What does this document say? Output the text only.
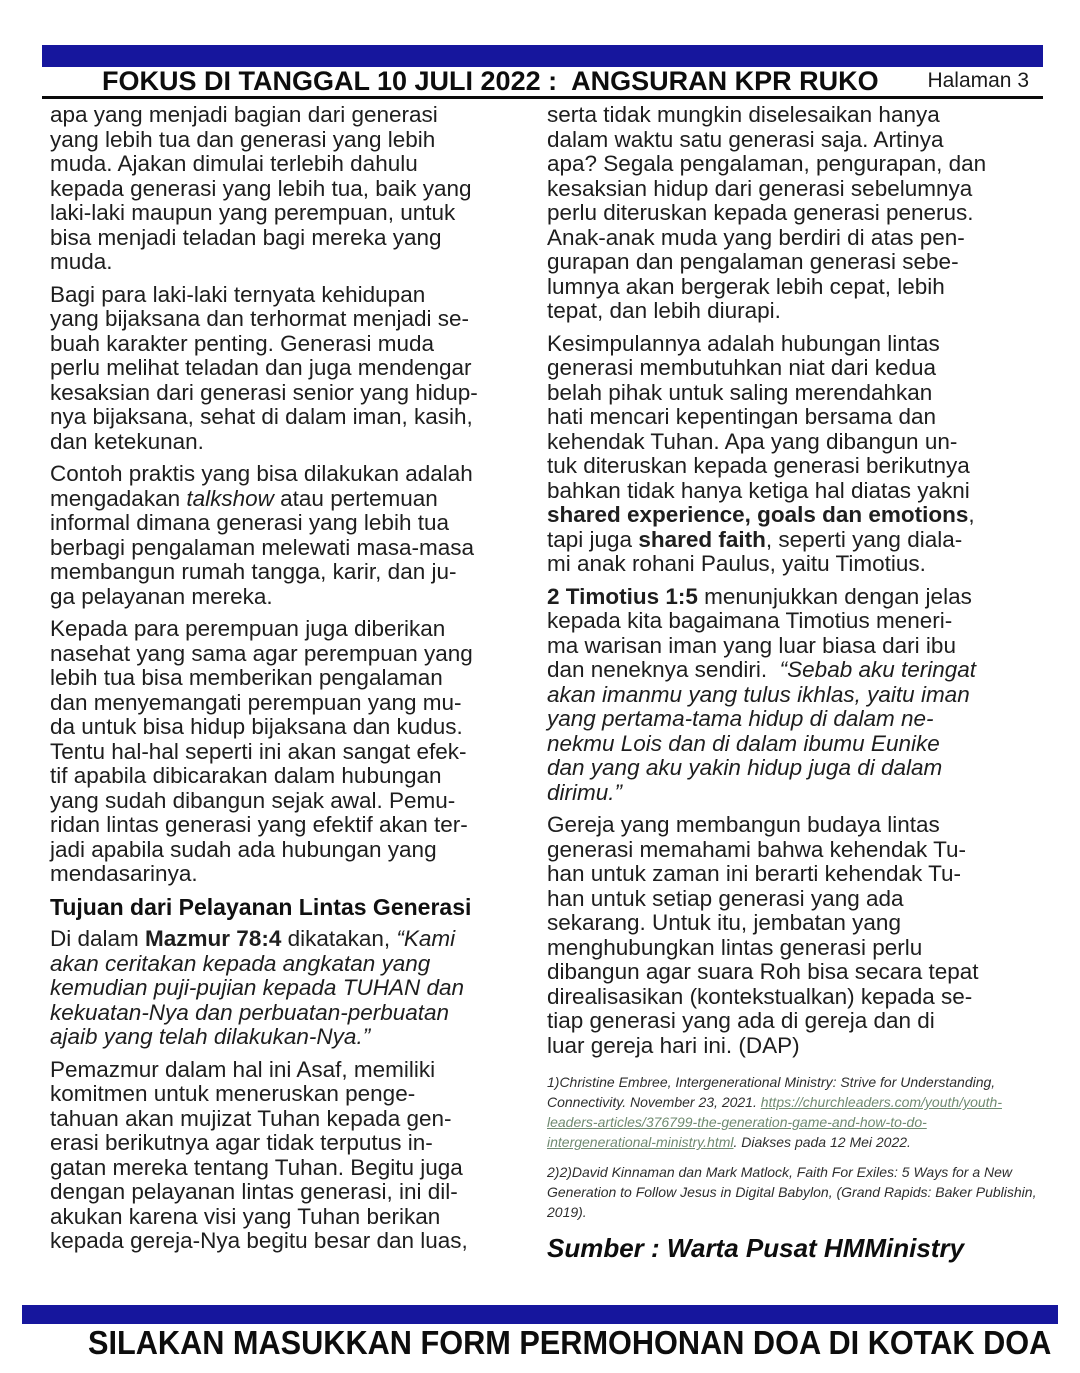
FOKUS DI TANGGAL 10 JULI 2022 :  ANGSURAN KPR RUKO Halaman 3
apa yang menjadi bagian dari generasi
yang lebih tua dan generasi yang lebih
muda. Ajakan dimulai terlebih dahulu
kepada generasi yang lebih tua, baik yang
laki-laki maupun yang perempuan, untuk
bisa menjadi teladan bagi mereka yang
muda.
Bagi para laki-laki ternyata kehidupan
yang bijaksana dan terhormat menjadi se-
buah karakter penting. Generasi muda
perlu melihat teladan dan juga mendengar
kesaksian dari generasi senior yang hidup-
nya bijaksana, sehat di dalam iman, kasih,
dan ketekunan.
Contoh praktis yang bisa dilakukan adalah
mengadakan talkshow atau pertemuan
informal dimana generasi yang lebih tua
berbagi pengalaman melewati masa-masa
membangun rumah tangga, karir, dan ju-
ga pelayanan mereka.
Kepada para perempuan juga diberikan
nasehat yang sama agar perempuan yang
lebih tua bisa memberikan pengalaman
dan menyemangati perempuan yang mu-
da untuk bisa hidup bijaksana dan kudus.
Tentu hal-hal seperti ini akan sangat efek-
tif apabila dibicarakan dalam hubungan
yang sudah dibangun sejak awal. Pemu-
ridan lintas generasi yang efektif akan ter-
jadi apabila sudah ada hubungan yang
mendasarinya.
Tujuan dari Pelayanan Lintas Generasi
Di dalam Mazmur 78:4 dikatakan, “Kami
akan ceritakan kepada angkatan yang
kemudian puji-pujian kepada TUHAN dan
kekuatan-Nya dan perbuatan-perbuatan
ajaib yang telah dilakukan-Nya.”
Pemazmur dalam hal ini Asaf, memiliki
komitmen untuk meneruskan penge-
tahuan akan mujizat Tuhan kepada gen-
erasi berikutnya agar tidak terputus in-
gatan mereka tentang Tuhan. Begitu juga
dengan pelayanan lintas generasi, ini dil-
akukan karena visi yang Tuhan berikan
kepada gereja-Nya begitu besar dan luas,
serta tidak mungkin diselesaikan hanya
dalam waktu satu generasi saja. Artinya
apa? Segala pengalaman, pengurapan, dan
kesaksian hidup dari generasi sebelumnya
perlu diteruskan kepada generasi penerus.
Anak-anak muda yang berdiri di atas pen-
gurapan dan pengalaman generasi sebe-
lumnya akan bergerak lebih cepat, lebih
tepat, dan lebih diurapi.
Kesimpulannya adalah hubungan lintas
generasi membutuhkan niat dari kedua
belah pihak untuk saling merendahkan
hati mencari kepentingan bersama dan
kehendak Tuhan. Apa yang dibangun un-
tuk diteruskan kepada generasi berikutnya
bahkan tidak hanya ketiga hal diatas yakni
shared experience, goals dan emotions,
tapi juga shared faith, seperti yang diala-
mi anak rohani Paulus, yaitu Timotius.
2 Timotius 1:5 menunjukkan dengan jelas
kepada kita bagaimana Timotius meneri-
ma warisan iman yang luar biasa dari ibu
dan neneknya sendiri.  “Sebab aku teringat
akan imanmu yang tulus ikhlas, yaitu iman
yang pertama-tama hidup di dalam ne-
nekmu Lois dan di dalam ibumu Eunike
dan yang aku yakin hidup juga di dalam
dirimu.”
Gereja yang membangun budaya lintas
generasi memahami bahwa kehendak Tu-
han untuk zaman ini berarti kehendak Tu-
han untuk setiap generasi yang ada
sekarang. Untuk itu, jembatan yang
menghubungkan lintas generasi perlu
dibangun agar suara Roh bisa secara tepat
direalisasikan (kontekstualkan) kepada se-
tiap generasi yang ada di gereja dan di
luar gereja hari ini. (DAP)
1)Christine Embree, Intergenerational Ministry: Strive for Understanding,
Connectivity. November 23, 2021. https://churchleaders.com/youth/youth-
leaders-articles/376799-the-generation-game-and-how-to-do-
intergenerational-ministry.html. Diakses pada 12 Mei 2022.
2)2)David Kinnaman dan Mark Matlock, Faith For Exiles: 5 Ways for a New
Generation to Follow Jesus in Digital Babylon, (Grand Rapids: Baker Publishin,
2019).
Sumber : Warta Pusat HMMinistry
SILAKAN MASUKKAN FORM PERMOHONAN DOA DI KOTAK DOA
